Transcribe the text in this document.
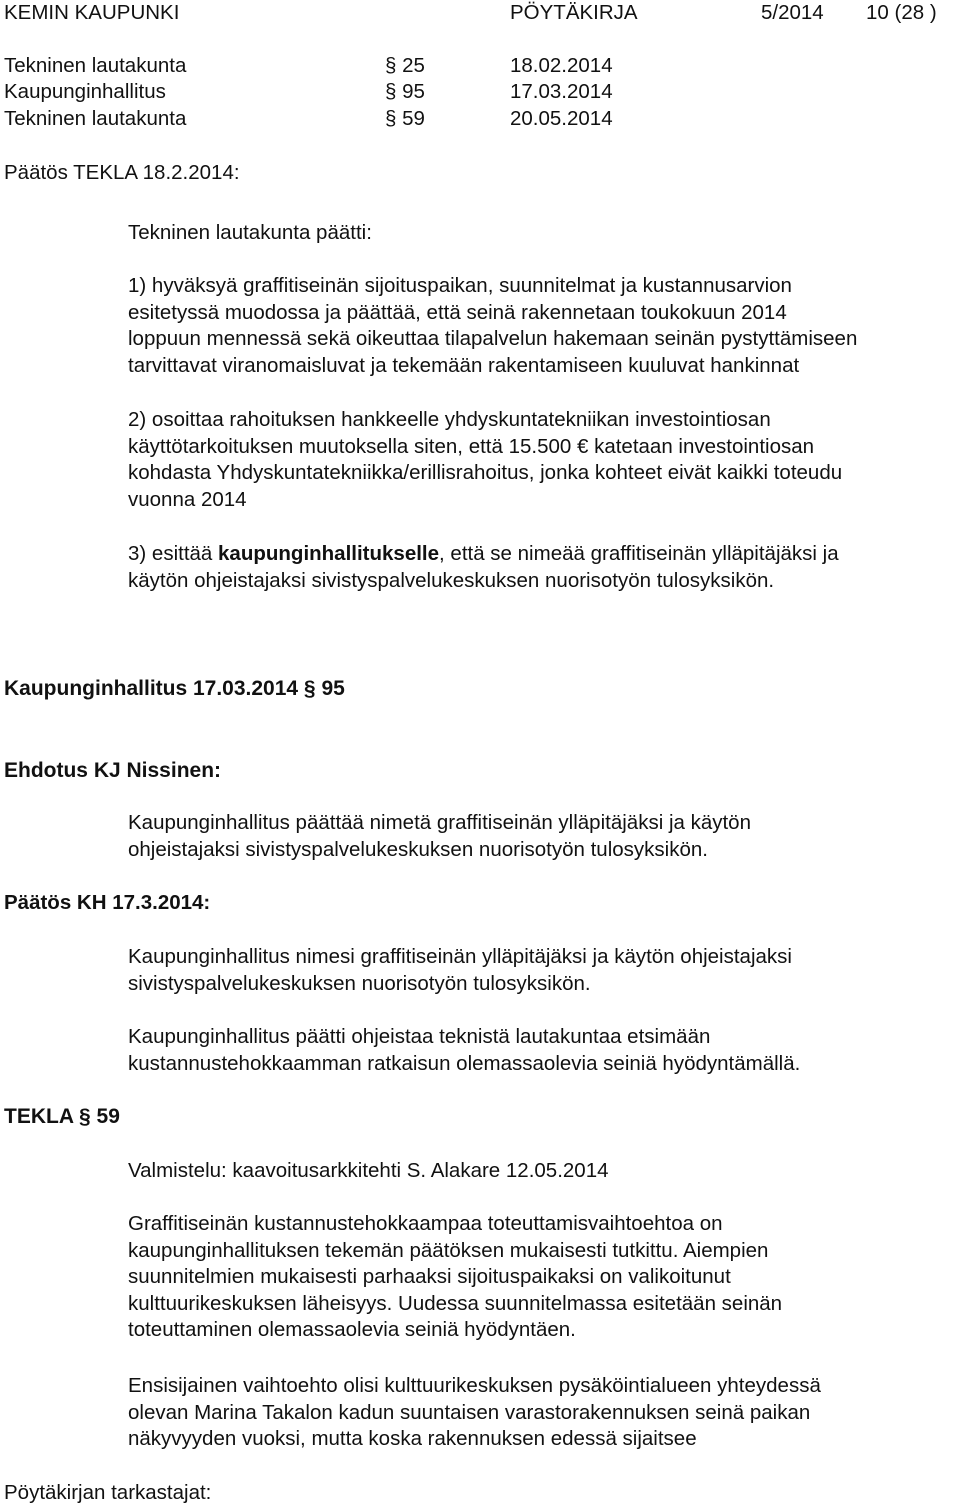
KEMIN KAUPUNKI	PÖYTÄKIRJA	5/2014 10 (28 )
Tekninen lautakunta	§ 25	18.02.2014
Kaupunginhallitus	§ 95	17.03.2014
Tekninen lautakunta	§ 59	20.05.2014
Päätös TEKLA 18.2.2014:

Tekninen lautakunta päätti:

1) hyväksyä graffitiseinän sijoituspaikan, suunnitelmat ja kustannusarvion

esitetyssä muodossa ja päättää, että seinä rakennetaan toukokuun 2014

loppuun mennessä sekä oikeuttaa tilapalvelun hakemaan seinän pystyttämiseen

tarvittavat viranomaisluvat ja tekemään rakentamiseen kuuluvat hankinnat

2) osoittaa rahoituksen hankkeelle yhdyskuntatekniikan investointiosan

käyttötarkoituksen muutoksella siten, että 15.500 € katetaan investointiosan

kohdasta Yhdyskuntatekniikka/erillisrahoitus, jonka kohteet eivät kaikki toteudu

vuonna 2014

3) esittää kaupunginhallitukselle, että se nimeää graffitiseinän ylläpitäjäksi ja

käytön ohjeistajaksi sivistyspalvelukeskuksen nuorisotyön tulosyksikön.

Kaupunginhallitus 17.03.2014 § 95
Ehdotus KJ Nissinen:

Kaupunginhallitus päättää nimetä graffitiseinän ylläpitäjäksi ja käytön

ohjeistajaksi sivistyspalvelukeskuksen nuorisotyön tulosyksikön.

Päätös KH 17.3.2014:

Kaupunginhallitus nimesi graffitiseinän ylläpitäjäksi ja käytön ohjeistajaksi

sivistyspalvelukeskuksen nuorisotyön tulosyksikön.

Kaupunginhallitus päätti ohjeistaa teknistä lautakuntaa etsimään

kustannustehokkaamman ratkaisun olemassaolevia seiniä hyödyntämällä.

TEKLA § 59

Valmistelu: kaavoitusarkkitehti S. Alakare 12.05.2014

Graffitiseinän kustannustehokkaampaa toteuttamisvaihtoehtoa on

kaupunginhallituksen tekemän päätöksen mukaisesti tutkittu. Aiempien

suunnitelmien mukaisesti parhaaksi sijoituspaikaksi on valikoitunut

kulttuurikeskuksen läheisyys. Uudessa suunnitelmassa esitetään seinän

toteuttaminen olemassaolevia seiniä hyödyntäen.

Ensisijainen vaihtoehto olisi kulttuurikeskuksen pysäköintialueen yhteydessä

olevan Marina Takalon kadun suuntaisen varastorakennuksen seinä paikan

näkyvyyden vuoksi, mutta koska rakennuksen edessä sijaitsee

Pöytäkirjan tarkastajat:
